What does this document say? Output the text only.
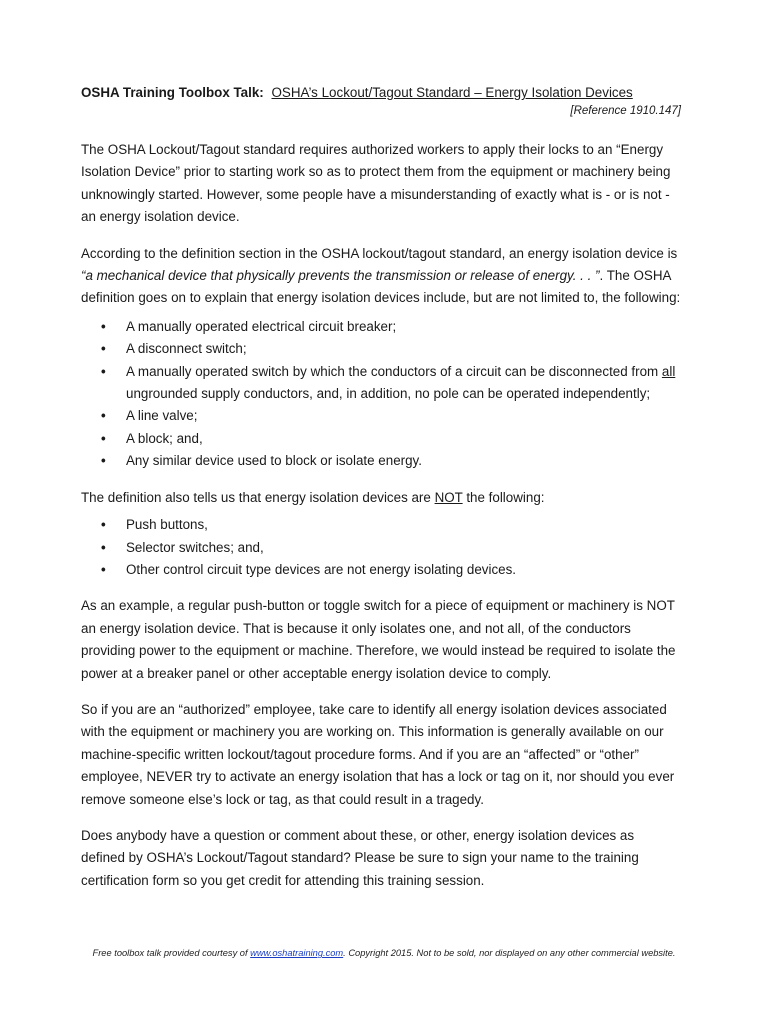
OSHA Training Toolbox Talk: OSHA’s Lockout/Tagout Standard – Energy Isolation Devices
[Reference 1910.147]

The OSHA Lockout/Tagout standard requires authorized workers to apply their locks to an “Energy Isolation Device” prior to starting work so as to protect them from the equipment or machinery being unknowingly started. However, some people have a misunderstanding of exactly what is - or is not - an energy isolation device.

According to the definition section in the OSHA lockout/tagout standard, an energy isolation device is “a mechanical device that physically prevents the transmission or release of energy. . . ”. The OSHA definition goes on to explain that energy isolation devices include, but are not limited to, the following:

• A manually operated electrical circuit breaker;
• A disconnect switch;
• A manually operated switch by which the conductors of a circuit can be disconnected from all ungrounded supply conductors, and, in addition, no pole can be operated independently;
• A line valve;
• A block; and,
• Any similar device used to block or isolate energy.

The definition also tells us that energy isolation devices are NOT the following:

• Push buttons,
• Selector switches; and,
• Other control circuit type devices are not energy isolating devices.

As an example, a regular push-button or toggle switch for a piece of equipment or machinery is NOT an energy isolation device. That is because it only isolates one, and not all, of the conductors providing power to the equipment or machine. Therefore, we would instead be required to isolate the power at a breaker panel or other acceptable energy isolation device to comply.

So if you are an “authorized” employee, take care to identify all energy isolation devices associated with the equipment or machinery you are working on. This information is generally available on our machine-specific written lockout/tagout procedure forms. And if you are an “affected” or “other” employee, NEVER try to activate an energy isolation that has a lock or tag on it, nor should you ever remove someone else’s lock or tag, as that could result in a tragedy.

Does anybody have a question or comment about these, or other, energy isolation devices as defined by OSHA’s Lockout/Tagout standard? Please be sure to sign your name to the training certification form so you get credit for attending this training session.

Free toolbox talk provided courtesy of www.oshatraining.com. Copyright 2015. Not to be sold, nor displayed on any other commercial website.
